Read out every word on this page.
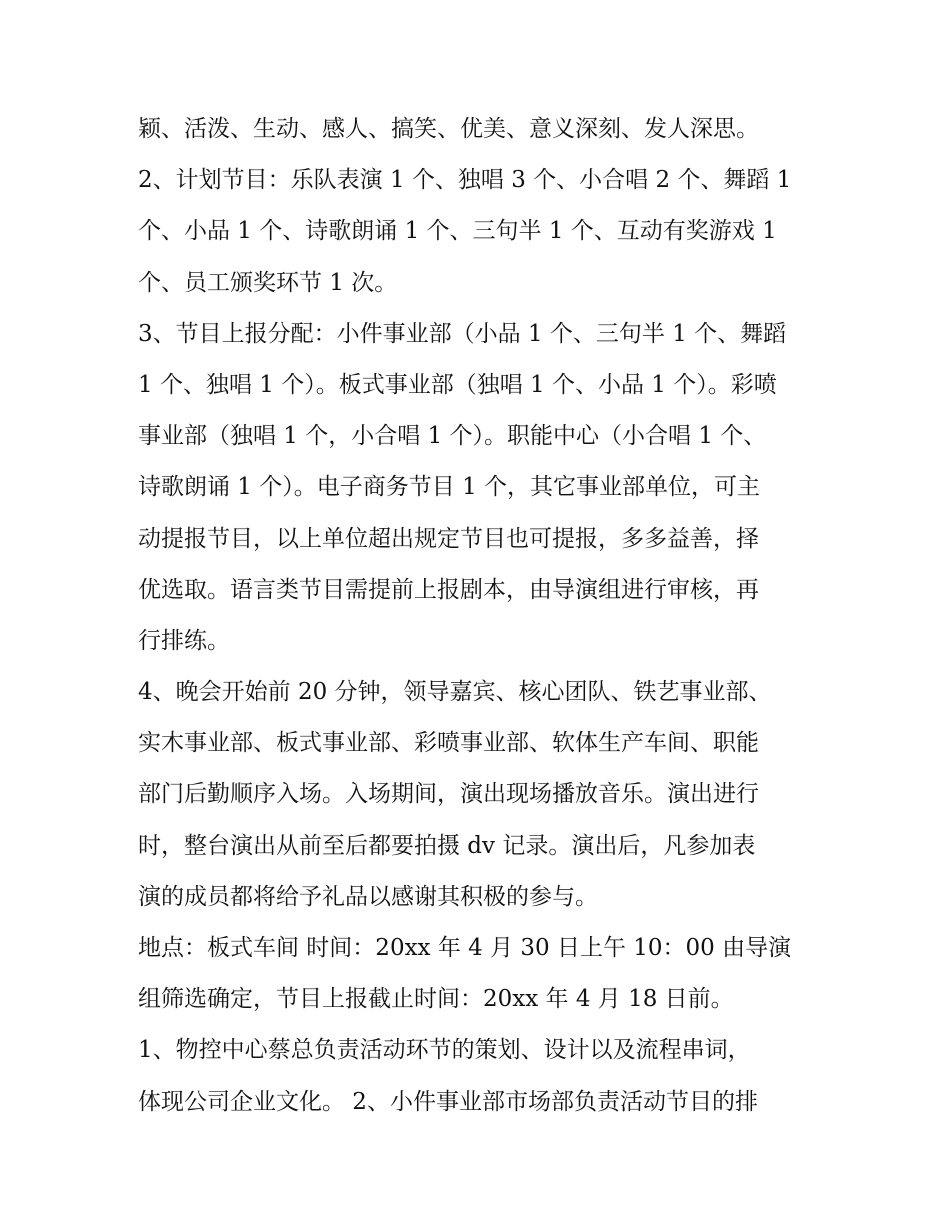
颖、活泼、生动、感人、搞笑、优美、意义深刻、发人深思。
2、计划节目：乐队表演 1 个、独唱 3 个、小合唱 2 个、舞蹈 1
个、小品 1 个、诗歌朗诵 1 个、三句半 1 个、互动有奖游戏 1
个、员工颁奖环节 1 次。
3、节目上报分配：小件事业部（小品 1 个、三句半 1 个、舞蹈
1 个、独唱 1 个）。板式事业部（独唱 1 个、小品 1 个）。彩喷
事业部（独唱 1 个，小合唱 1 个）。职能中心（小合唱 1 个、
诗歌朗诵 1 个）。电子商务节目 1 个，其它事业部单位，可主
动提报节目，以上单位超出规定节目也可提报，多多益善，择
优选取。语言类节目需提前上报剧本，由导演组进行审核，再
行排练。
4、晚会开始前 20 分钟，领导嘉宾、核心团队、铁艺事业部、
实木事业部、板式事业部、彩喷事业部、软体生产车间、职能
部门后勤顺序入场。入场期间，演出现场播放音乐。演出进行
时，整台演出从前至后都要拍摄 dv 记录。演出后，凡参加表
演的成员都将给予礼品以感谢其积极的参与。
地点：板式车间 时间：20xx 年 4 月 30 日上午 10：00 由导演
组筛选确定，节目上报截止时间：20xx 年 4 月 18 日前。
1、物控中心蔡总负责活动环节的策划、设计以及流程串词，
体现公司企业文化。 2、小件事业部市场部负责活动节目的排
